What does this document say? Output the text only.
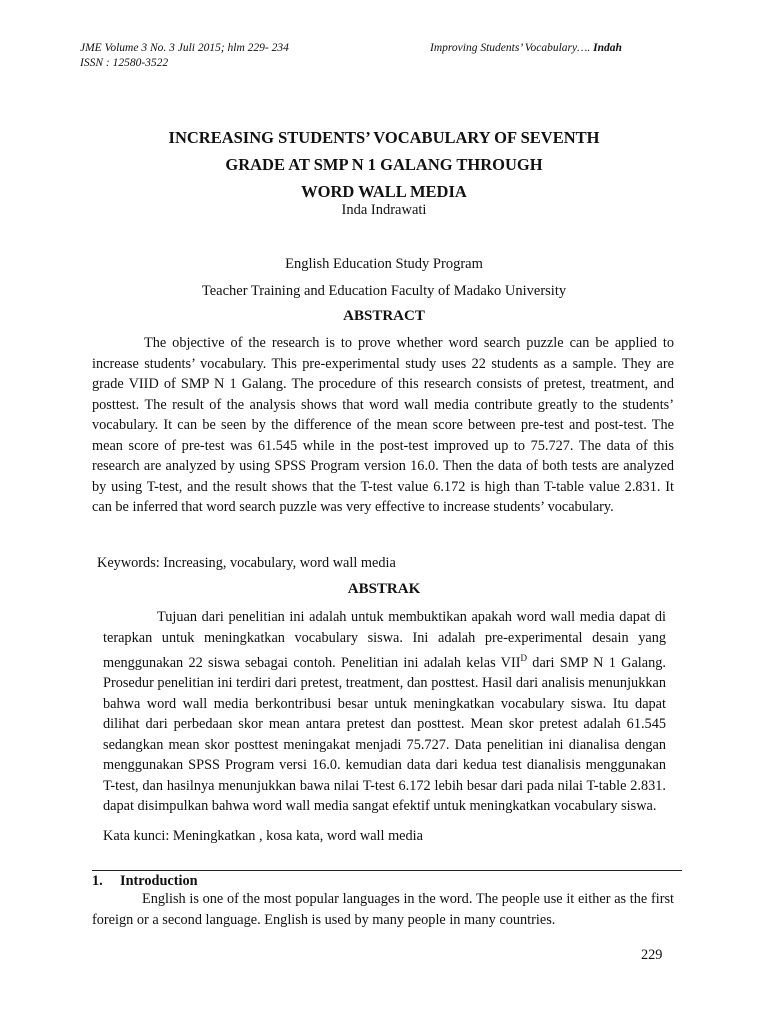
JME Volume 3 No. 3 Juli 2015; hlm 229- 234
ISSN : 12580-3522
Improving Students’ Vocabulary…. Indah
INCREASING STUDENTS’ VOCABULARY OF SEVENTH
GRADE AT SMP N 1 GALANG THROUGH
WORD WALL MEDIA
Inda Indrawati
English Education Study Program
Teacher Training and Education Faculty of Madako University
ABSTRACT

The objective of the research is to prove whether word search puzzle can be applied to increase students’ vocabulary. This pre-experimental study uses 22 students as a sample. They are grade VIID of SMP N 1 Galang. The procedure of this research consists of pretest, treatment, and posttest. The result of the analysis shows that word wall media contribute greatly to the students’ vocabulary. It can be seen by the difference of the mean score between pre-test and post-test. The mean score of pre-test was 61.545 while in the post-test improved up to 75.727. The data of this research are analyzed by using SPSS Program version 16.0. Then the data of both tests are analyzed by using T-test, and the result shows that the T-test value 6.172 is high than T-table value 2.831. It can be inferred that word search puzzle was very effective to increase students’ vocabulary.

Keywords: Increasing, vocabulary, word wall media
ABSTRAK

Tujuan dari penelitian ini adalah untuk membuktikan apakah word wall media dapat di terapkan untuk meningkatkan vocabulary siswa. Ini adalah pre-experimental desain yang menggunakan 22 siswa sebagai contoh. Penelitian ini adalah kelas $VII^D$ dari SMP N 1 Galang. Prosedur penelitian ini terdiri dari pretest, treatment, dan posttest. Hasil dari analisis menunjukkan bahwa word wall media berkontribusi besar untuk meningkatkan vocabulary siswa. Itu dapat dilihat dari perbedaan skor mean antara pretest dan posttest. Mean skor pretest adalah 61.545 sedangkan mean skor posttest meningakat menjadi 75.727. Data penelitian ini dianalisa dengan menggunakan SPSS Program versi 16.0. kemudian data dari kedua test dianalisis menggunakan T-test, dan hasilnya menunjukkan bawa nilai T-test 6.172 lebih besar dari pada nilai T-table 2.831. dapat disimpulkan bahwa word wall media sangat efektif untuk meningkatkan vocabulary siswa.

Kata kunci: Meningkatkan , kosa kata, word wall media
1. Introduction

English is one of the most popular languages in the word. The people use it either as the first foreign or a second language. English is used by many people in many countries.

229
